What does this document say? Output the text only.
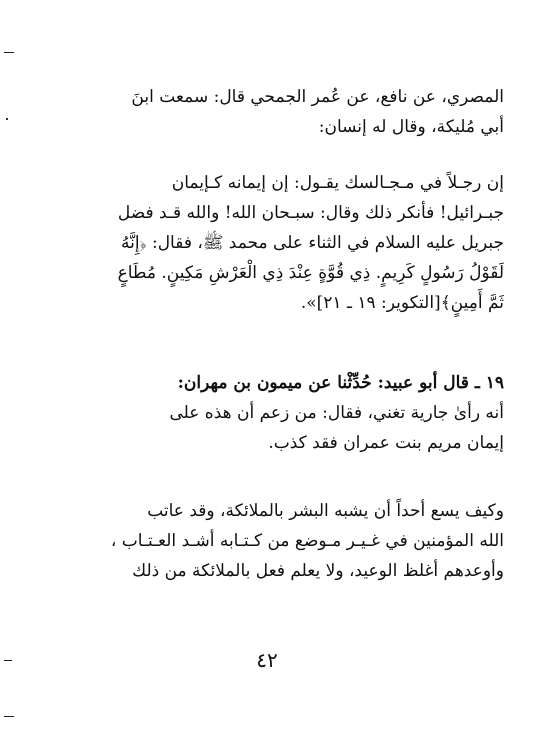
المصري، عن نافع، عن عُمر الجمحي قال: سمعت ابنَ
أبي مُليكة، وقال له إنسان:
إن رجـلاً في مـجـالسك يقـول: إن إيمانه كـإيمان
جبـرائيل! فأنكر ذلك وقال: سبـحان الله! والله قـد فضل
جبريل عليه السلام في الثناء على محمد ﷺ، فقال: ﴿إِنَّهُ
لَقَوْلُ رَسُولٍ كَرِيمٍ. ذِي قُوَّةٍ عِنْدَ ذِي الْعَرْشِ مَكِينٍ. مُطَاعٍ
ثَمَّ أَمِينٍ﴾[التكوير: ١٩ ـ ٢١]».
١٩ ـ قال أبو عبيد: حُدِّثْنا عن ميمون بن مهران:
أنه رأىٰ جارية تغني، فقال: من زعم أن هذه على
إيمان مريم بنت عمران فقد كذب.
وكيف يسع أحداً أن يشبه البشر بالملائكة، وقد عاتب
الله المؤمنين في غـيـر مـوضع من كـتـابه أشـد العـتـاب ،
وأوعدهم أغلظ الوعيد، ولا يعلم فعل بالملائكة من ذلك
٤٢
